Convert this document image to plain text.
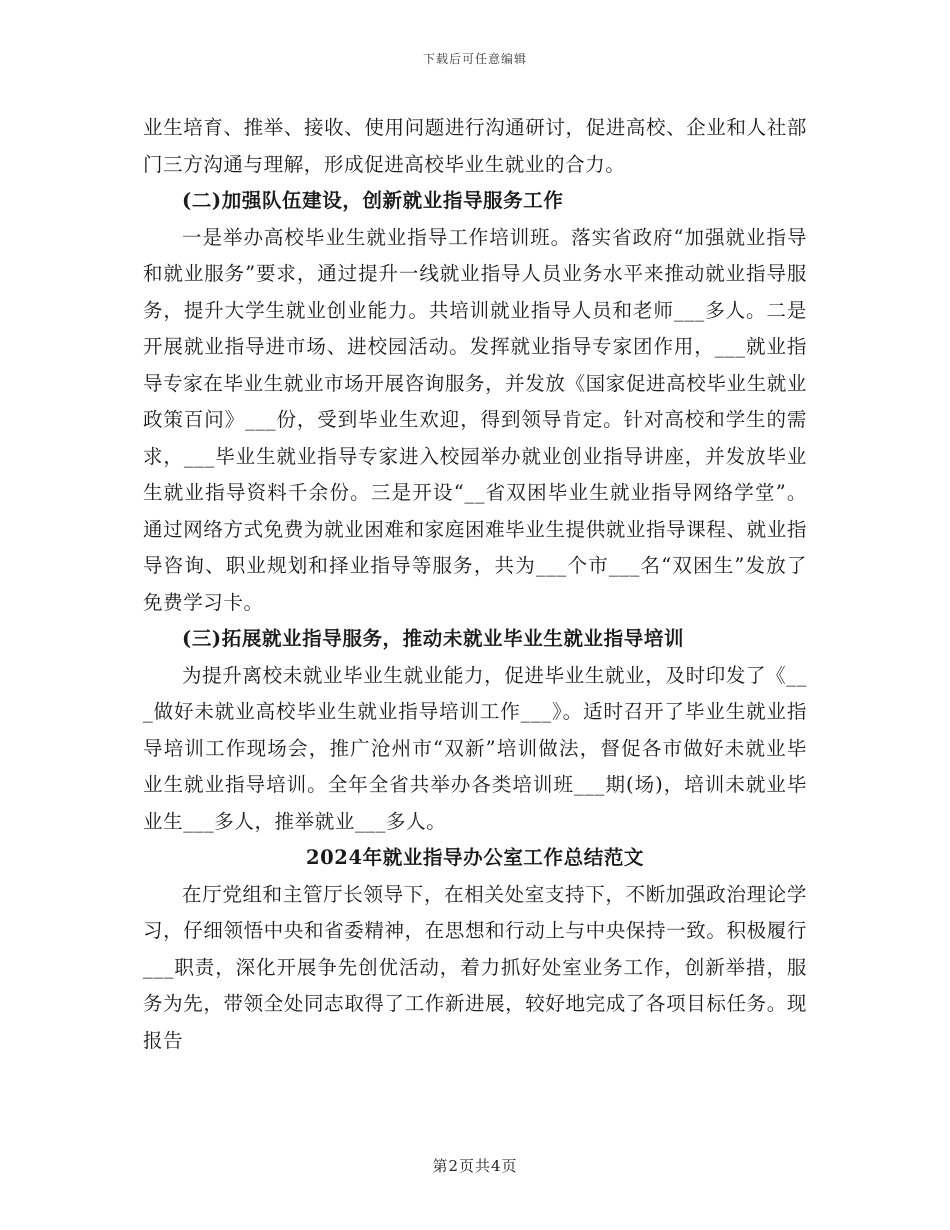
下载后可任意编辑

业生培育、推举、接收、使用问题进行沟通研讨，促进高校、企业和人社部门三方沟通与理解，形成促进高校毕业生就业的合力。

(二)加强队伍建设，创新就业指导服务工作

一是举办高校毕业生就业指导工作培训班。落实省政府“加强就业指导和就业服务”要求，通过提升一线就业指导人员业务水平来推动就业指导服务，提升大学生就业创业能力。共培训就业指导人员和老师___多人。二是开展就业指导进市场、进校园活动。发挥就业指导专家团作用，___就业指导专家在毕业生就业市场开展咨询服务，并发放《国家促进高校毕业生就业政策百问》___份，受到毕业生欢迎，得到领导肯定。针对高校和学生的需求，___毕业生就业指导专家进入校园举办就业创业指导讲座，并发放毕业生就业指导资料千余份。三是开设“__省双困毕业生就业指导网络学堂”。通过网络方式免费为就业困难和家庭困难毕业生提供就业指导课程、就业指导咨询、职业规划和择业指导等服务，共为___个市___名“双困生”发放了免费学习卡。

(三)拓展就业指导服务，推动未就业毕业生就业指导培训

为提升离校未就业毕业生就业能力，促进毕业生就业，及时印发了《___做好未就业高校毕业生就业指导培训工作___》。适时召开了毕业生就业指导培训工作现场会，推广沧州市“双新”培训做法，督促各市做好未就业毕业生就业指导培训。全年全省共举办各类培训班___期(场)，培训未就业毕业生___多人，推举就业___多人。

2024年就业指导办公室工作总结范文

在厅党组和主管厅长领导下，在相关处室支持下，不断加强政治理论学习，仔细领悟中央和省委精神，在思想和行动上与中央保持一致。积极履行___职责，深化开展争先创优活动，着力抓好处室业务工作，创新举措，服务为先，带领全处同志取得了工作新进展，较好地完成了各项目标任务。现报告

第2页共4页
